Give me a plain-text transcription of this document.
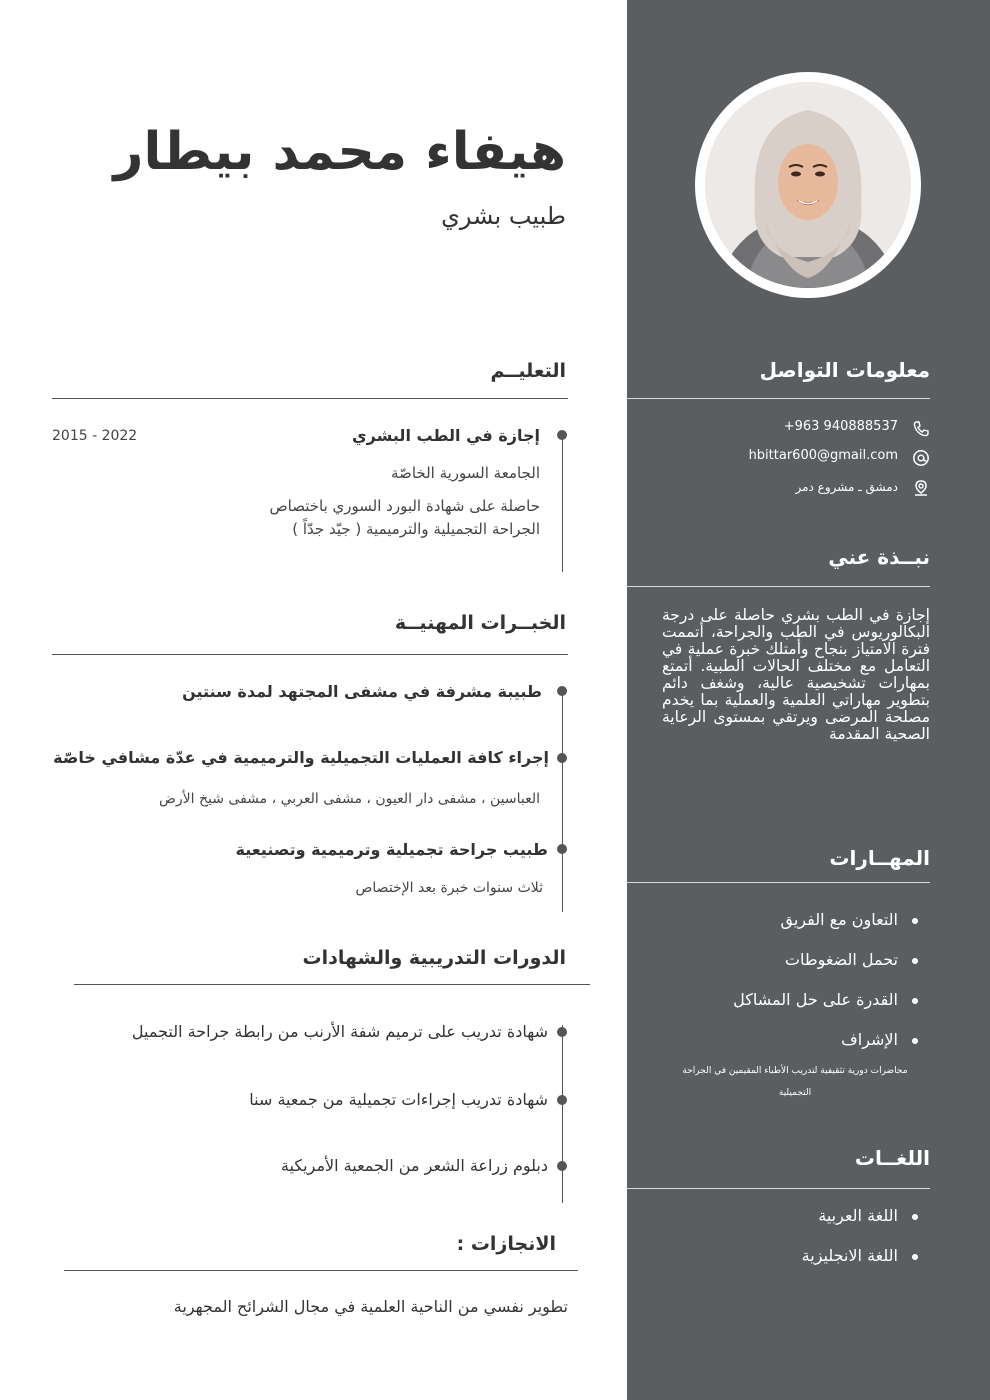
معلومات التواصل
+963 940888537
hbittar600@gmail.com
دمشق ـ مشروع دمر
نبــذة عني
إجازة في الطب بشري حاصلة على درجة البكالوريوس في الطب والجراحة، أتممت فترة الامتياز بنجاح وأمتلك خبرة عملية في التعامل مع مختلف الحالات الطبية. أتمتع بمهارات تشخيصية عالية، وشغف دائم بتطوير مهاراتي العلمية والعملية بما يخدم مصلحة المرضى ويرتقي بمستوى الرعاية الصحية المقدمة
المهــارات
التعاون مع الفريق
تحمل الضغوطات
القدرة على حل المشاكل
الإشراف
محاضرات دورية تثقيفية لتدريب الأطباء المقيمين في الجراحة
التجميلية
اللغــات
اللغة العربية
اللغة الانجليزية
هيفاء محمد بيطار
طبيب بشري
التعليــم
إجازة في الطب البشري
2015 - 2022
الجامعة السورية الخاصّة
حاصلة على شهادة البورد السوري باختصاص
الجراحة التجميلية والترميمية ( جيّد جدّاً )
الخبــرات المهنيــة
طبيبة مشرفة في مشفى المجتهد لمدة سنتين
إجراء كافة العمليات التجميلية والترميمية في عدّة مشافي خاصّة
العباسين ، مشفى دار العيون ، مشفى العربي ، مشفى شيخ الأرض
طبيب جراحة تجميلية وترميمية وتصنيعية
ثلاث سنوات خبرة بعد الإختصاص
الدورات التدريبية والشهادات
شهادة تدريب على ترميم شفة الأرنب من رابطة جراحة التجميل
شهادة تدريب إجراءات تجميلية من جمعية سنا
دبلوم زراعة الشعر من الجمعية الأمريكية
الانجازات :
تطوير نفسي من الناحية العلمية في مجال الشرائح المجهرية
